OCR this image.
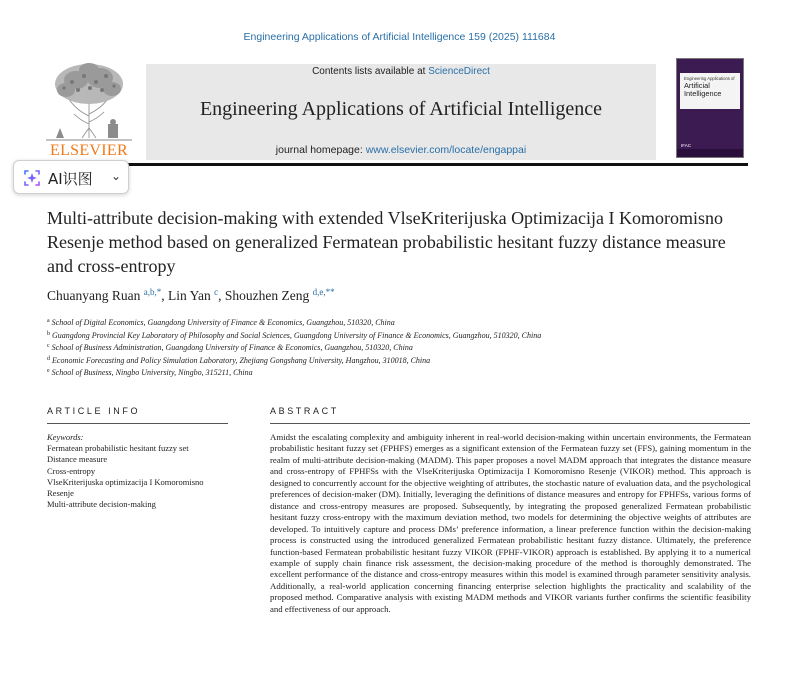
Engineering Applications of Artificial Intelligence 159 (2025) 111684
ELSEVIER
Contents lists available at ScienceDirect
Engineering Applications of Artificial Intelligence
journal homepage: www.elsevier.com/locate/engappai
Engineering Applications of
Artificial
Intelligence
IFAC
AI识图 ⌄
Multi-attribute decision-making with extended VlseKriterijuska Optimizacija I Komoromisno Resenje method based on generalized Fermatean probabilistic hesitant fuzzy distance measure and cross-entropy
Chuanyang Ruan $^{a,b,*}$, Lin Yan $^c$, Shouzhen Zeng $^{d,e,**}$
$^a$ School of Digital Economics, Guangdong University of Finance & Economics, Guangzhou, 510320, China
$^b$ Guangdong Provincial Key Laboratory of Philosophy and Social Sciences, Guangdong University of Finance & Economics, Guangzhou, 510320, China
$^c$ School of Business Administration, Guangdong University of Finance & Economics, Guangzhou, 510320, China
$^d$ Economic Forecasting and Policy Simulation Laboratory, Zhejiang Gongshang University, Hangzhou, 310018, China
$^e$ School of Business, Ningbo University, Ningbo, 315211, China
ARTICLE INFO	ABSTRACT
Keywords:
Fermatean probabilistic hesitant fuzzy set
Distance measure
Cross-entropy
VlseKriterijuska optimizacija I Komoromisno Resenje
Multi-attribute decision-making
Amidst the escalating complexity and ambiguity inherent in real-world decision-making within uncertain environments, the Fermatean probabilistic hesitant fuzzy set (FPHFS) emerges as a significant extension of the Fermatean fuzzy set (FFS), gaining momentum in the realm of multi-attribute decision-making (MADM). This paper proposes a novel MADM approach that integrates the distance measure and cross-entropy of FPHFSs with the VlseKriterijuska Optimizacija I Komoromisno Resenje (VIKOR) method. This approach is designed to concurrently account for the objective weighting of attributes, the stochastic nature of evaluation data, and the psychological preferences of decision-maker (DM). Initially, leveraging the definitions of distance measures and entropy for FPHFSs, various forms of distance and cross-entropy measures are proposed. Subsequently, by integrating the proposed generalized Fermatean probabilistic hesitant fuzzy cross-entropy with the maximum deviation method, two models for determining the objective weights of attributes are developed. To intuitively capture and process DMs’ preference information, a linear preference function within the decision-making process is constructed using the introduced generalized Fermatean probabilistic hesitant fuzzy distance. Ultimately, the preference function-based Fermatean probabilistic hesitant fuzzy VIKOR (FPHF-VIKOR) approach is established. By applying it to a numerical example of supply chain finance risk assessment, the decision-making procedure of the method is thoroughly demonstrated. The excellent performance of the distance and cross-entropy measures within this model is examined through parameter sensitivity analysis. Additionally, a real-world application concerning financing enterprise selection highlights the practicality and scalability of the proposed method. Comparative analysis with existing MADM methods and VIKOR variants further confirms the scientific feasibility and effectiveness of our approach.
